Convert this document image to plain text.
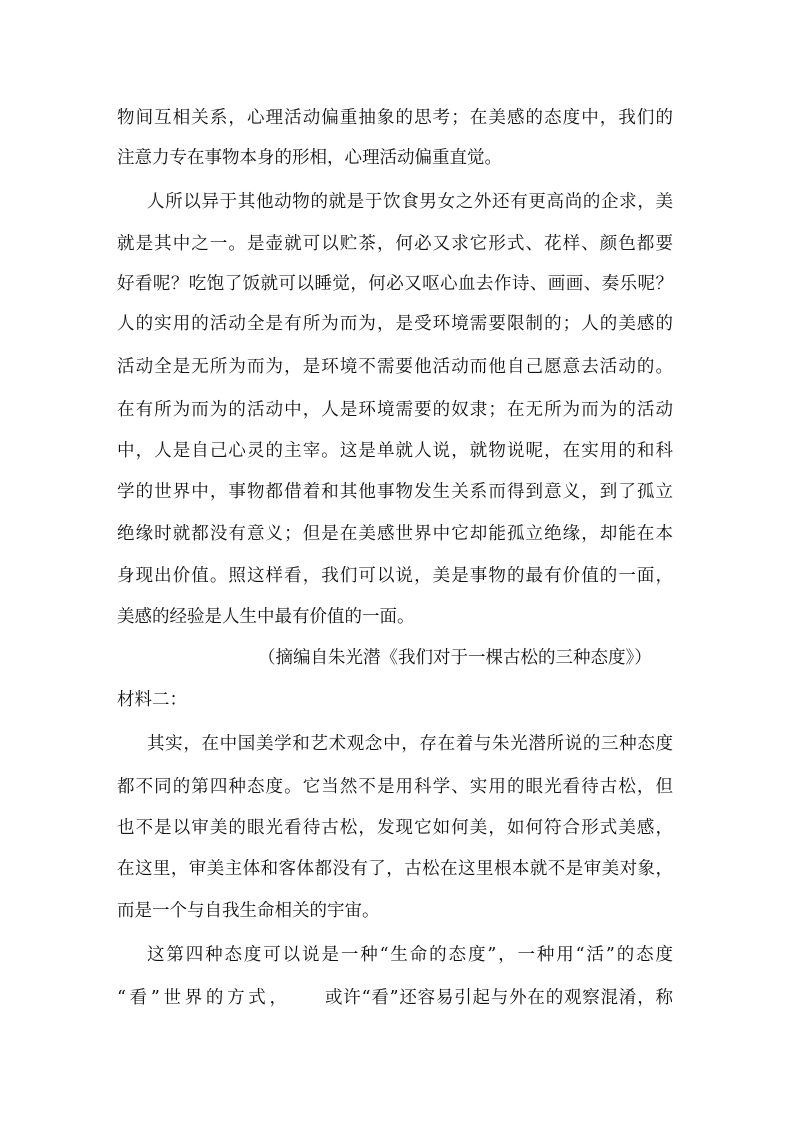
物间互相关系，心理活动偏重抽象的思考；在美感的态度中，我们的
注意力专在事物本身的形相，心理活动偏重直觉。
人所以异于其他动物的就是于饮食男女之外还有更高尚的企求，美
就是其中之一。是壶就可以贮茶，何必又求它形式、花样、颜色都要
好看呢？吃饱了饭就可以睡觉，何必又呕心血去作诗、画画、奏乐呢？
人的实用的活动全是有所为而为，是受环境需要限制的；人的美感的
活动全是无所为而为，是环境不需要他活动而他自己愿意去活动的。
在有所为而为的活动中，人是环境需要的奴隶；在无所为而为的活动
中，人是自己心灵的主宰。这是单就人说，就物说呢，在实用的和科
学的世界中，事物都借着和其他事物发生关系而得到意义，到了孤立
绝缘时就都没有意义；但是在美感世界中它却能孤立绝缘，却能在本
身现出价值。照这样看，我们可以说，美是事物的最有价值的一面，
美感的经验是人生中最有价值的一面。
（摘编自朱光潜《我们对于一棵古松的三种态度》）
材料二：
其实，在中国美学和艺术观念中，存在着与朱光潜所说的三种态度
都不同的第四种态度。它当然不是用科学、实用的眼光看待古松，但
也不是以审美的眼光看待古松，发现它如何美，如何符合形式美感，
在这里，审美主体和客体都没有了，古松在这里根本就不是审美对象，
而是一个与自我生命相关的宇宙。
这第四种态度可以说是一种“生命的态度”，一种用“活”的态度
“看”世界的方式， 或许“看”还容易引起与外在的观察混淆，称
